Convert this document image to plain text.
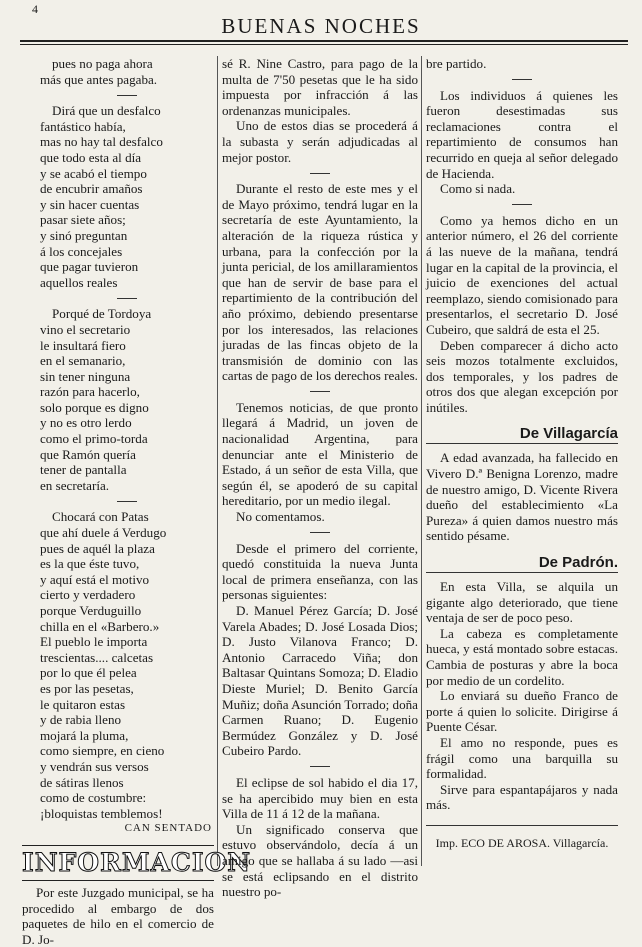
4
BUENAS NOCHES
pues no paga ahora
más que antes pagaba.
Dirá que un desfalco
fantástico había,
mas no hay tal desfalco
que todo esta al día
y se acabó el tiempo
de encubrir amaños
y sin hacer cuentas
pasar siete años;
y sinó preguntan
á los concejales
que pagar tuvieron
aquellos reales
Porqué de Tordoya
vino el secretario
le insultará fiero
en el semanario,
sin tener ninguna
razón para hacerlo,
solo porque es digno
y no es otro lerdo
como el primo-torda
que Ramón quería
tener de pantalla
en secretaría.
Chocará con Patas
que ahí duele á Verdugo
pues de aquél la plaza
es la que éste tuvo,
y aquí está el motivo
cierto y verdadero
porque Verduguillo
chilla en el «Barbero.»
El pueblo le importa
trescientas.... calcetas
por lo que él pelea
es por las pesetas,
le quitaron estas
y de rabia lleno
mojará la pluma,
como siempre, en cieno
y vendrán sus versos
de sátiras llenos
como de costumbre:
¡bloquistas temblemos!
CAN SENTADO
INFORMACION

Por este Juzgado municipal, se ha procedido al embargo de dos paquetes de hilo en el comercio de D. Jo-

sé R. Nine Castro, para pago de la multa de 7'50 pesetas que le ha sido impuesta por infracción á las ordenanzas municipales.

Uno de estos dias se procederá á la subasta y serán adjudicadas al mejor postor.

Durante el resto de este mes y el de Mayo próximo, tendrá lugar en la secretaría de este Ayuntamiento, la alteración de la riqueza rústica y urbana, para la confección por la junta pericial, de los amillaramientos que han de servir de base para el repartimiento de la contribución del año próximo, debiendo presentarse por los interesados, las relaciones juradas de las fincas objeto de la transmisión de dominio con las cartas de pago de los derechos reales.

Tenemos noticias, de que pronto llegará á Madrid, un joven de nacionalidad Argentina, para denunciar ante el Ministerio de Estado, á un señor de esta Villa, que según él, se apoderó de su capital hereditario, por un medio ilegal.

No comentamos.

Desde el primero del corriente, quedó constituida la nueva Junta local de primera enseñanza, con las personas siguientes:

D. Manuel Pérez García; D. José Varela Abades; D. José Losada Dios; D. Justo Vilanova Franco; D. Antonio Carracedo Viña; don Baltasar Quintans Somoza; D. Eladio Dieste Muriel; D. Benito García Muñiz; doña Asunción Torrado; doña Carmen Ruano; D. Eugenio Bermúdez González y D. José Cubeiro Pardo.

El eclipse de sol habido el dia 17, se ha apercibido muy bien en esta Villa de 11 á 12 de la mañana.

Un significado conserva que estuvo observándolo, decía á un amigo que se hallaba á su lado —asi se está eclipsando en el distrito nuestro po-

bre partido.

Los individuos á quienes les fueron desestimadas sus reclamaciones contra el repartimiento de consumos han recurrido en queja al señor delegado de Hacienda.

Como si nada.

Como ya hemos dicho en un anterior número, el 26 del corriente á las nueve de la mañana, tendrá lugar en la capital de la provincia, el juicio de exenciones del actual reemplazo, siendo comisionado para presentarlos, el secretario D. José Cubeiro, que saldrá de esta el 25.

Deben comparecer á dicho acto seis mozos totalmente excluidos, dos temporales, y los padres de otros dos que alegan excepción por inútiles.

De Villagarcía

A edad avanzada, ha fallecido en Vivero D.ª Benigna Lorenzo, madre de nuestro amigo, D. Vicente Rivera dueño del establecimiento «La Pureza» á quien damos nuestro más sentido pésame.

De Padrón.

En esta Villa, se alquila un gigante algo deteriorado, que tiene ventaja de ser de poco peso.

La cabeza es completamente hueca, y está montado sobre estacas. Cambia de posturas y abre la boca por medio de un cordelito.

Lo enviará su dueño Franco de porte á quien lo solicite. Dirigirse á Puente César.

El amo no responde, pues es frágil como una barquilla su formalidad.

Sirve para espantapájaros y nada más.

Imp. ECO DE AROSA. Villagarcía.
